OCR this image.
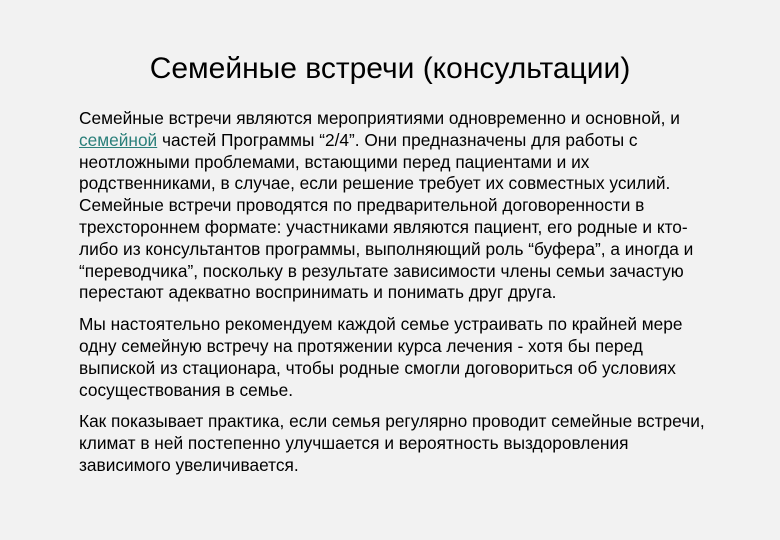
Семейные встречи (консультации)

Семейные встречи являются мероприятиями одновременно и основной, и семейной частей Программы “2/4”. Они предназначены для работы с неотложными проблемами, встающими перед пациентами и их родственниками, в случае, если решение требует их совместных усилий. Семейные встречи проводятся по предварительной договоренности в трехстороннем формате: участниками являются пациент, его родные и кто-либо из консультантов программы, выполняющий роль “буфера”, а иногда и “переводчика”, поскольку в результате зависимости члены семьи зачастую перестают адекватно воспринимать и понимать друг друга.

Мы настоятельно рекомендуем каждой семье устраивать по крайней мере одну семейную встречу на протяжении курса лечения - хотя бы перед выпиской из стационара, чтобы родные смогли договориться об условиях сосуществования в семье.

Как показывает практика, если семья регулярно проводит семейные встречи, климат в ней постепенно улучшается и вероятность выздоровления зависимого увеличивается.
